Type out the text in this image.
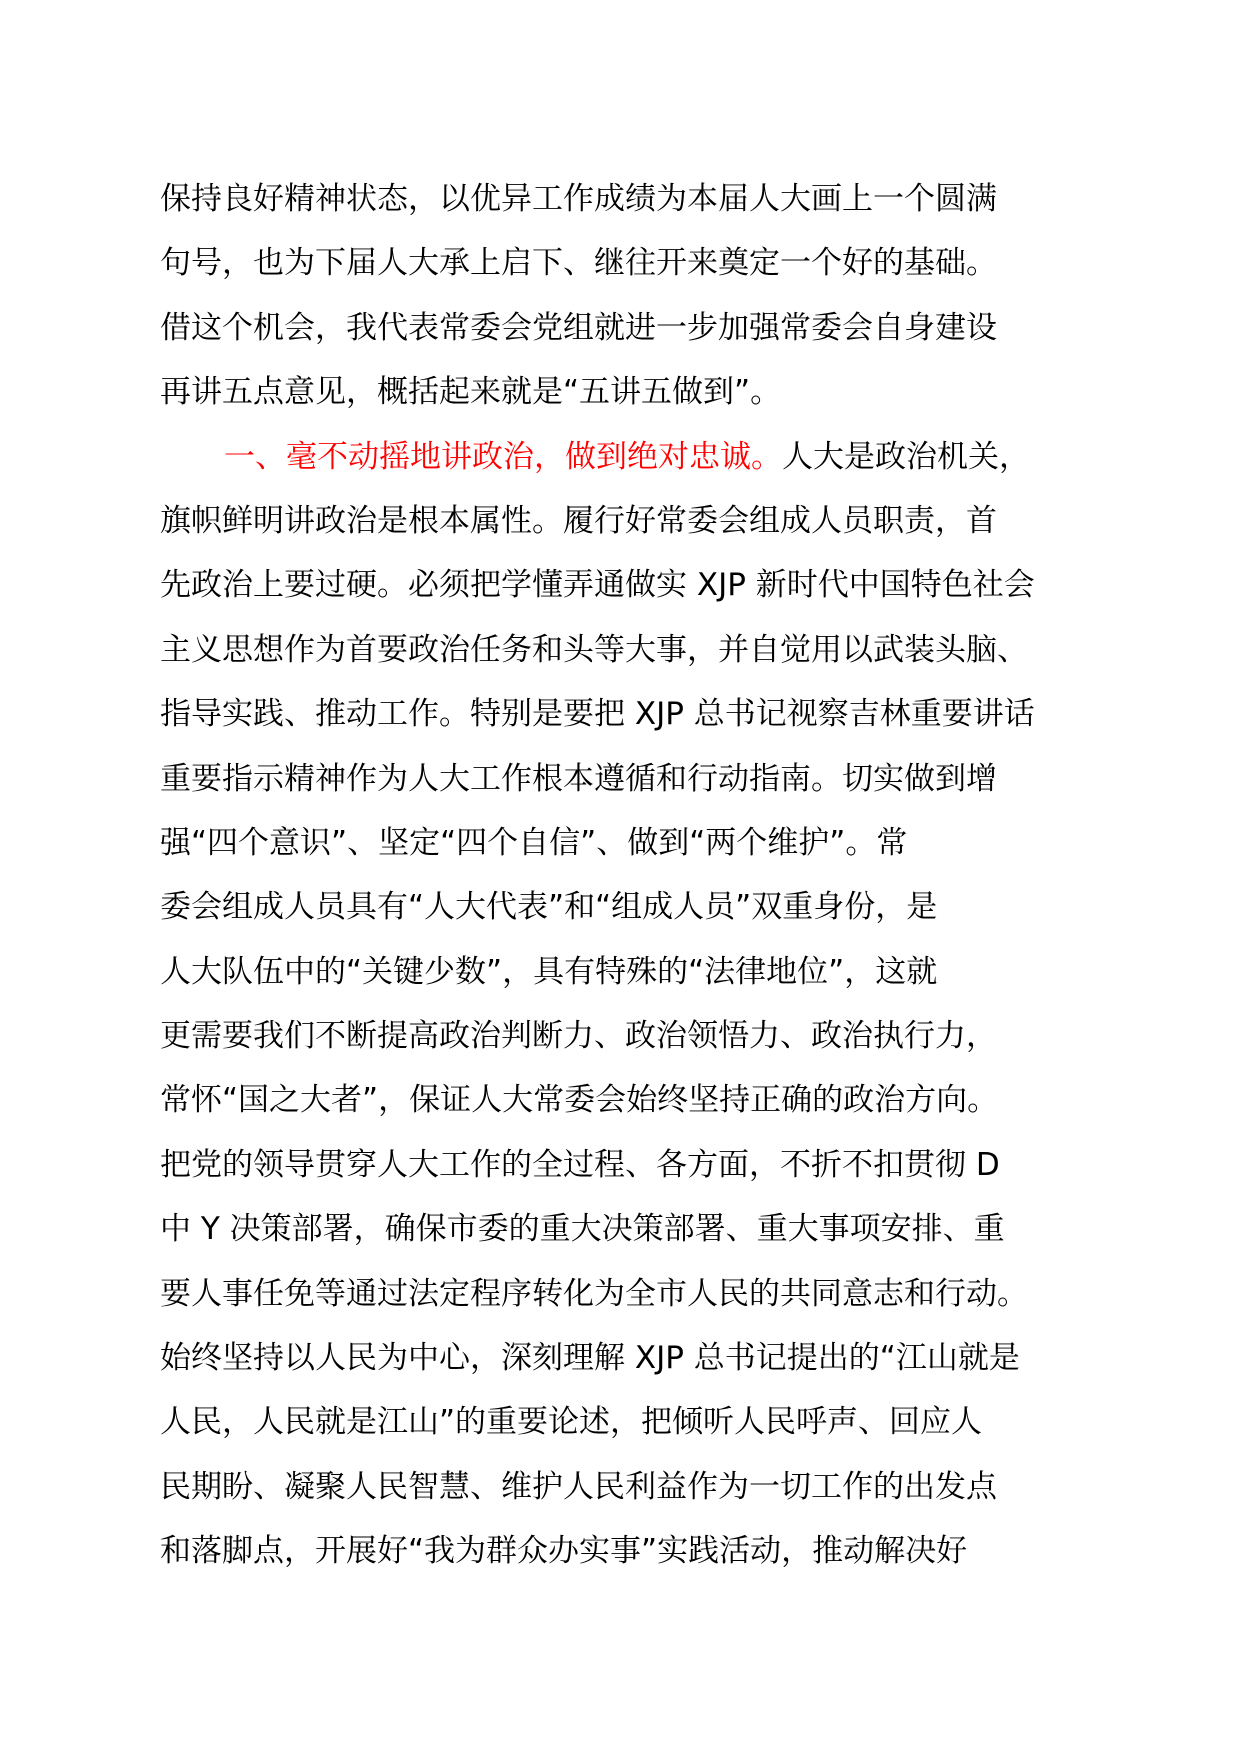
保持良好精神状态，以优异工作成绩为本届人大画上一个圆满
句号，也为下届人大承上启下、继往开来奠定一个好的基础。
借这个机会，我代表常委会党组就进一步加强常委会自身建设
再讲五点意见，概括起来就是“五讲五做到”。
一、毫不动摇地讲政治，做到绝对忠诚。人大是政治机关，
旗帜鲜明讲政治是根本属性。履行好常委会组成人员职责，首
先政治上要过硬。必须把学懂弄通做实 XJP 新时代中国特色社会
主义思想作为首要政治任务和头等大事，并自觉用以武装头脑、
指导实践、推动工作。特别是要把 XJP 总书记视察吉林重要讲话
重要指示精神作为人大工作根本遵循和行动指南。切实做到增
强“四个意识”、坚定“四个自信”、做到“两个维护”。常
委会组成人员具有“人大代表”和“组成人员”双重身份，是
人大队伍中的“关键少数”，具有特殊的“法律地位”，这就
更需要我们不断提高政治判断力、政治领悟力、政治执行力，
常怀“国之大者”，保证人大常委会始终坚持正确的政治方向。
把党的领导贯穿人大工作的全过程、各方面，不折不扣贯彻 D
中 Y 决策部署，确保市委的重大决策部署、重大事项安排、重
要人事任免等通过法定程序转化为全市人民的共同意志和行动。
始终坚持以人民为中心，深刻理解 XJP 总书记提出的“江山就是
人民，人民就是江山”的重要论述，把倾听人民呼声、回应人
民期盼、凝聚人民智慧、维护人民利益作为一切工作的出发点
和落脚点，开展好“我为群众办实事”实践活动，推动解决好
